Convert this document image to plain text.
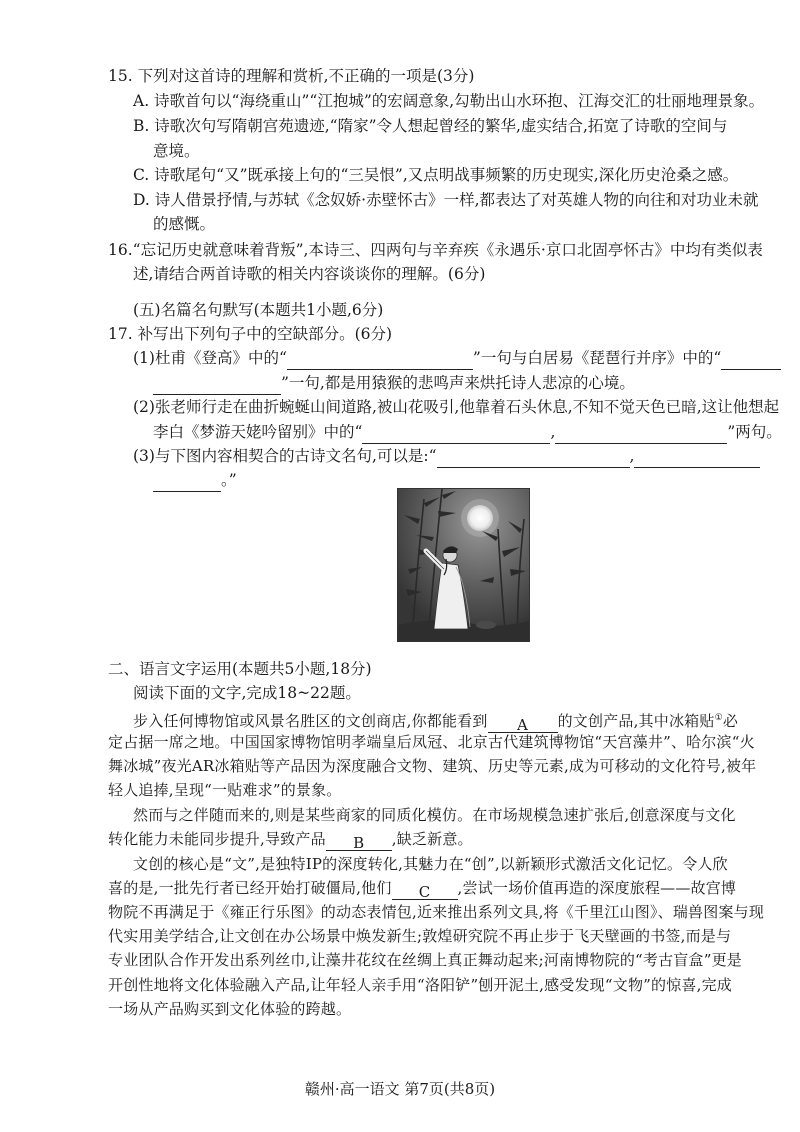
15. 下列对这首诗的理解和赏析,不正确的一项是(3分)
A. 诗歌首句以“海绕重山”“江抱城”的宏阔意象,勾勒出山水环抱、江海交汇的壮丽地理景象。
B. 诗歌次句写隋朝宫苑遗迹,“隋家”令人想起曾经的繁华,虚实结合,拓宽了诗歌的空间与
意境。
C. 诗歌尾句“又”既承接上句的“三吴恨”,又点明战事频繁的历史现实,深化历史沧桑之感。
D. 诗人借景抒情,与苏轼《念奴娇·赤壁怀古》一样,都表达了对英雄人物的向往和对功业未就
的感慨。
16.“忘记历史就意味着背叛”,本诗三、四两句与辛弃疾《永遇乐·京口北固亭怀古》中均有类似表
述,请结合两首诗歌的相关内容谈谈你的理解。(6分)
(五)名篇名句默写(本题共1小题,6分)
17. 补写出下列句子中的空缺部分。(6分)
(1)杜甫《登高》中的“	”一句与白居易《琵琶行并序》中的“
”一句,都是用猿猴的悲鸣声来烘托诗人悲凉的心境。
(2)张老师行走在曲折蜿蜒山间道路,被山花吸引,他靠着石头休息,不知不觉天色已暗,这让他想起
李白《梦游天姥吟留别》中的“	,	”两句。
(3)与下图内容相契合的古诗文名句,可以是:“	,
。”
二、语言文字运用(本题共5小题,18分)
阅读下面的文字,完成18~22题。
步入任何博物馆或风景名胜区的文创商店,你都能看到 A 的文创产品,其中冰箱贴①必
定占据一席之地。中国国家博物馆明孝端皇后凤冠、北京古代建筑博物馆“天宫藻井”、哈尔滨“火
舞冰城”夜光AR冰箱贴等产品因为深度融合文物、建筑、历史等元素,成为可移动的文化符号,被年
轻人追捧,呈现“一贴难求”的景象。
然而与之伴随而来的,则是某些商家的同质化模仿。在市场规模急速扩张后,创意深度与文化
转化能力未能同步提升,导致产品 B ,缺乏新意。
文创的核心是“文”,是独特IP的深度转化,其魅力在“创”,以新颖形式激活文化记忆。令人欣
喜的是,一批先行者已经开始打破僵局,他们 C ,尝试一场价值再造的深度旅程——故宫博
物院不再满足于《雍正行乐图》的动态表情包,近来推出系列文具,将《千里江山图》、瑞兽图案与现
代实用美学结合,让文创在办公场景中焕发新生;敦煌研究院不再止步于飞天壁画的书签,而是与
专业团队合作开发出系列丝巾,让藻井花纹在丝绸上真正舞动起来;河南博物院的“考古盲盒”更是
开创性地将文化体验融入产品,让年轻人亲手用“洛阳铲”刨开泥土,感受发现“文物”的惊喜,完成
一场从产品购买到文化体验的跨越。
赣州·高一语文 第7页(共8页)
